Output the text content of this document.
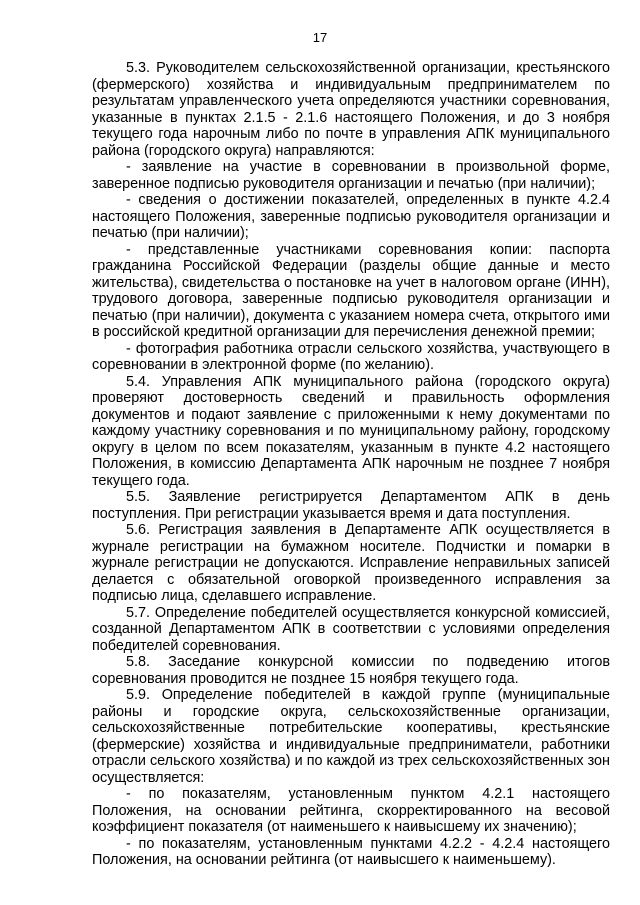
17

5.3. Руководителем сельскохозяйственной организации, крестьянского (фермерского) хозяйства и индивидуальным предпринимателем по результатам управленческого учета определяются участники соревнования, указанные в пунктах 2.1.5 - 2.1.6 настоящего Положения, и до 3 ноября текущего года нарочным либо по почте в управления АПК муниципального района (городского округа) направляются:

- заявление на участие в соревновании в произвольной форме, заверенное подписью руководителя организации и печатью (при наличии);

- сведения о достижении показателей, определенных в пункте 4.2.4 настоящего Положения, заверенные подписью руководителя организации и печатью (при наличии);

- представленные участниками соревнования копии: паспорта гражданина Российской Федерации (разделы общие данные и место жительства), свидетельства о постановке на учет в налоговом органе (ИНН), трудового договора, заверенные подписью руководителя организации и печатью (при наличии), документа с указанием номера счета, открытого ими в российской кредитной организации для перечисления денежной премии;

- фотография работника отрасли сельского хозяйства, участвующего в соревновании в электронной форме (по желанию).

5.4. Управления АПК муниципального района (городского округа) проверяют достоверность сведений и правильность оформления документов и подают заявление с приложенными к нему документами по каждому участнику соревнования и по муниципальному району, городскому округу в целом по всем показателям, указанным в пункте 4.2 настоящего Положения, в комиссию Департамента АПК нарочным не позднее 7 ноября текущего года.

5.5. Заявление регистрируется Департаментом АПК в день поступления. При регистрации указывается время и дата поступления.

5.6. Регистрация заявления в Департаменте АПК осуществляется в журнале регистрации на бумажном носителе. Подчистки и помарки в журнале регистрации не допускаются. Исправление неправильных записей делается с обязательной оговоркой произведенного исправления за подписью лица, сделавшего исправление.

5.7. Определение победителей осуществляется конкурсной комиссией, созданной Департаментом АПК в соответствии с условиями определения победителей соревнования.

5.8. Заседание конкурсной комиссии по подведению итогов соревнования проводится не позднее 15 ноября текущего года.

5.9. Определение победителей в каждой группе (муниципальные районы и городские округа, сельскохозяйственные организации, сельскохозяйственные потребительские кооперативы, крестьянские (фермерские) хозяйства и индивидуальные предприниматели, работники отрасли сельского хозяйства) и по каждой из трех сельскохозяйственных зон осуществляется:

- по показателям, установленным пунктом 4.2.1 настоящего Положения, на основании рейтинга, скорректированного на весовой коэффициент показателя (от наименьшего к наивысшему их значению);

- по показателям, установленным пунктами 4.2.2 - 4.2.4 настоящего Положения, на основании рейтинга (от наивысшего к наименьшему).
